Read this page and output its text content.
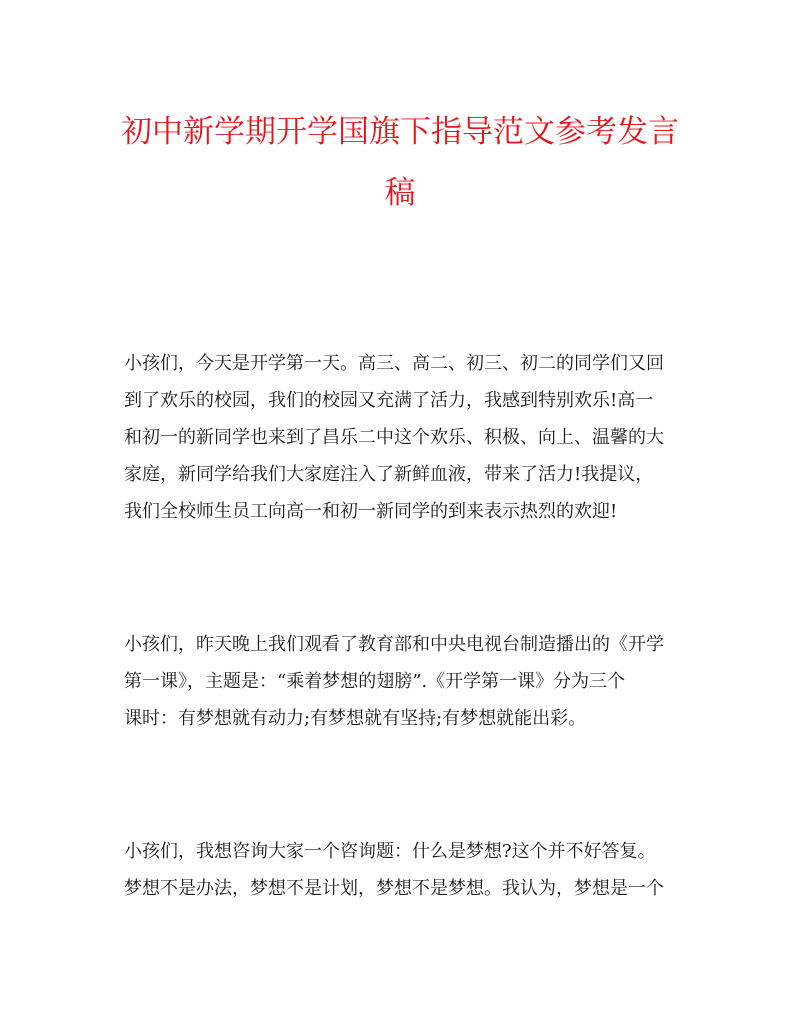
初中新学期开学国旗下指导范文参考发言
稿

小孩们，今天是开学第一天。高三、高二、初三、初二的同学们又回
到了欢乐的校园，我们的校园又充满了活力，我感到特别欢乐!高一
和初一的新同学也来到了昌乐二中这个欢乐、积极、向上、温馨的大
家庭，新同学给我们大家庭注入了新鲜血液，带来了活力!我提议，
我们全校师生员工向高一和初一新同学的到来表示热烈的欢迎!

小孩们，昨天晚上我们观看了教育部和中央电视台制造播出的《开学
第一课》，主题是：“乘着梦想的翅膀”.《开学第一课》分为三个
课时：有梦想就有动力;有梦想就有坚持;有梦想就能出彩。

小孩们，我想咨询大家一个咨询题：什么是梦想?这个并不好答复。
梦想不是办法，梦想不是计划，梦想不是梦想。我认为，梦想是一个
